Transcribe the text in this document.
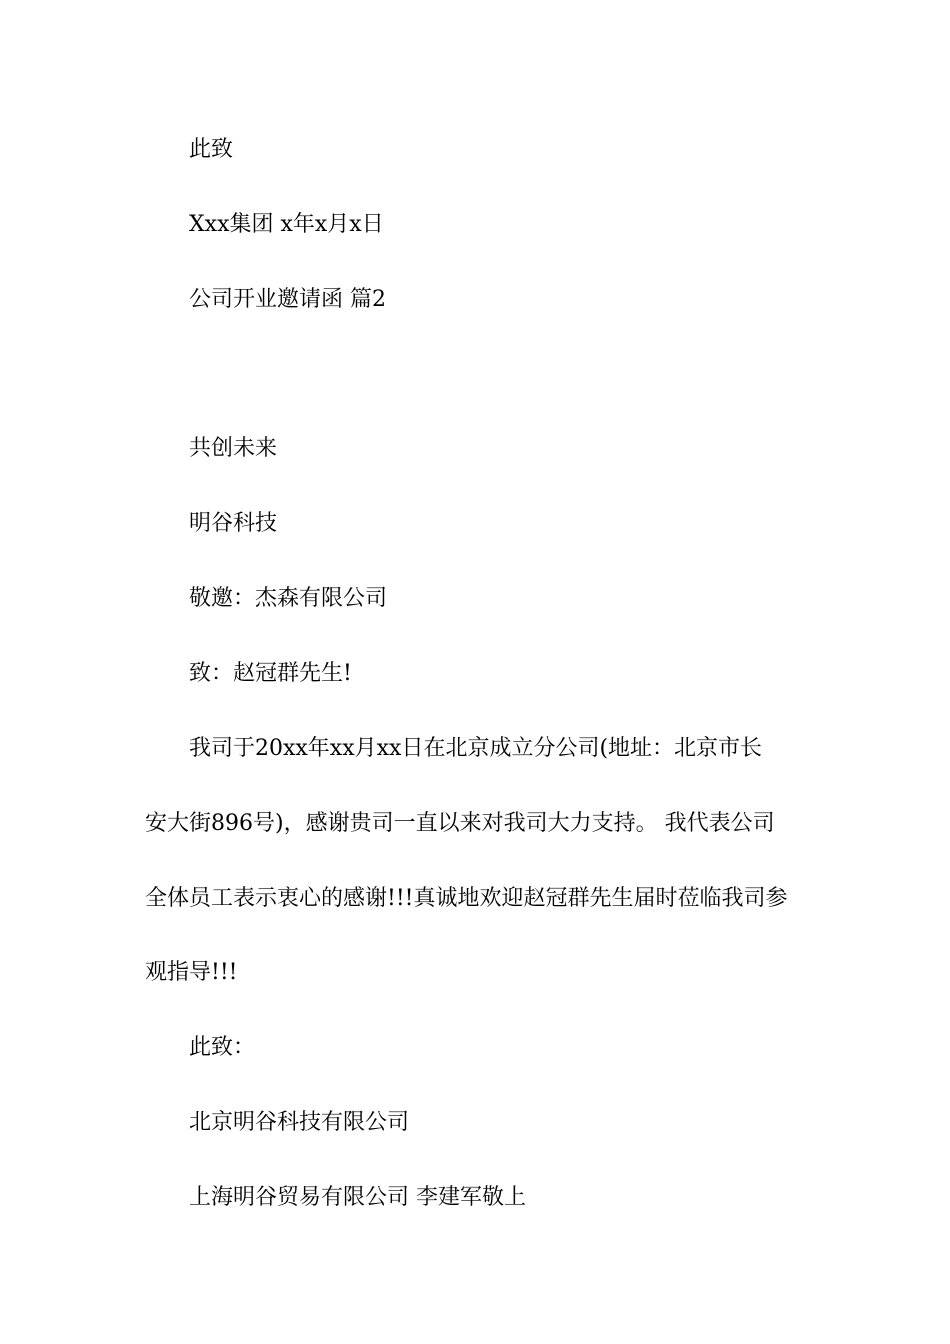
此致
Xxx集团 x年x月x日
公司开业邀请函 篇2
共创未来
明谷科技
敬邀：杰森有限公司
致：赵冠群先生!
我司于20xx年xx月xx日在北京成立分公司(地址：北京市长
安大街896号)，感谢贵司一直以来对我司大力支持。 我代表公司
全体员工表示衷心的感谢!!!真诚地欢迎赵冠群先生届时莅临我司参
观指导!!!
此致：
北京明谷科技有限公司
上海明谷贸易有限公司 李建军敬上
